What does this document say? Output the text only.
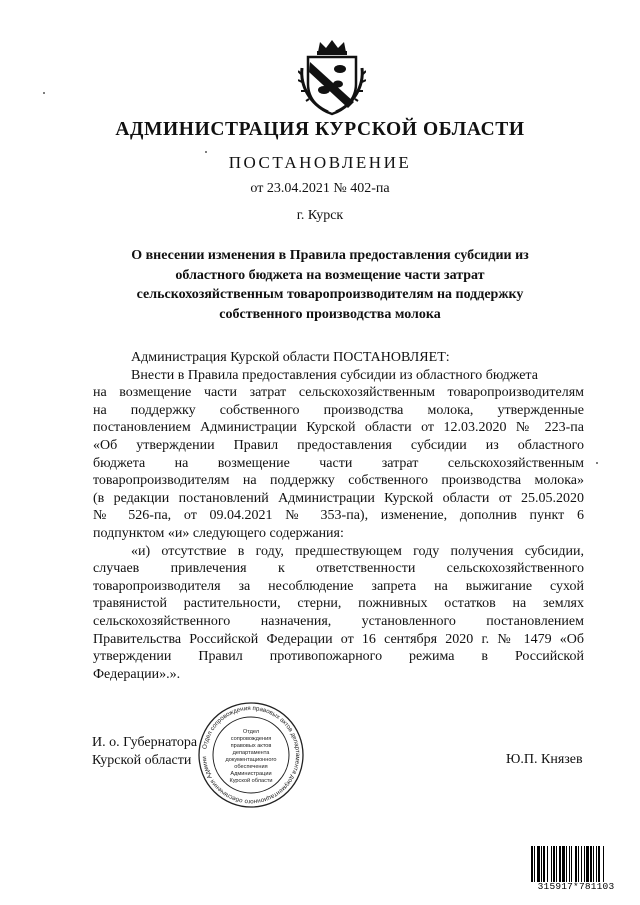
АДМИНИСТРАЦИЯ КУРСКОЙ ОБЛАСТИ
ПОСТАНОВЛЕНИЕ
от 23.04.2021 № 402-па
г. Курск
О внесении изменения в Правила предоставления субсидии из
областного бюджета на возмещение части затрат
сельскохозяйственным товаропроизводителям на поддержку
собственного производства молока
Администрация Курской области ПОСТАНОВЛЯЕТ:
Внести в Правила предоставления субсидии из областного бюджета
на возмещение части затрат сельскохозяйственным товаропроизводителям
на поддержку собственного производства молока, утвержденные
постановлением Администрации Курской области от 12.03.2020 № 223-па
«Об утверждении Правил предоставления субсидии из областного
бюджета на возмещение части затрат сельскохозяйственным
товаропроизводителям на поддержку собственного производства молока»
(в редакции постановлений Администрации Курской области от 25.05.2020
№ 526-па, от 09.04.2021 № 353-па), изменение, дополнив пункт 6
подпунктом «и» следующего содержания:
«и) отсутствие в году, предшествующем году получения субсидии,
случаев привлечения к ответственности сельскохозяйственного
товаропроизводителя за несоблюдение запрета на выжигание сухой
травянистой растительности, стерни, пожнивных остатков на землях
сельскохозяйственного назначения, установленного постановлением
Правительства Российской Федерации от 16 сентября 2020 г. № 1479 «Об
утверждении Правил противопожарного режима в Российской
Федерации».».
И. о. Губернатора
Курской области	Ю.П. Князев
Отдел сопровождения правовых актов департамента документационного обеспечения Админи
Отдел
сопровождения
правовых актов
департамента
документационного
обеспечения
Администрации
Курской области
315917*781103
